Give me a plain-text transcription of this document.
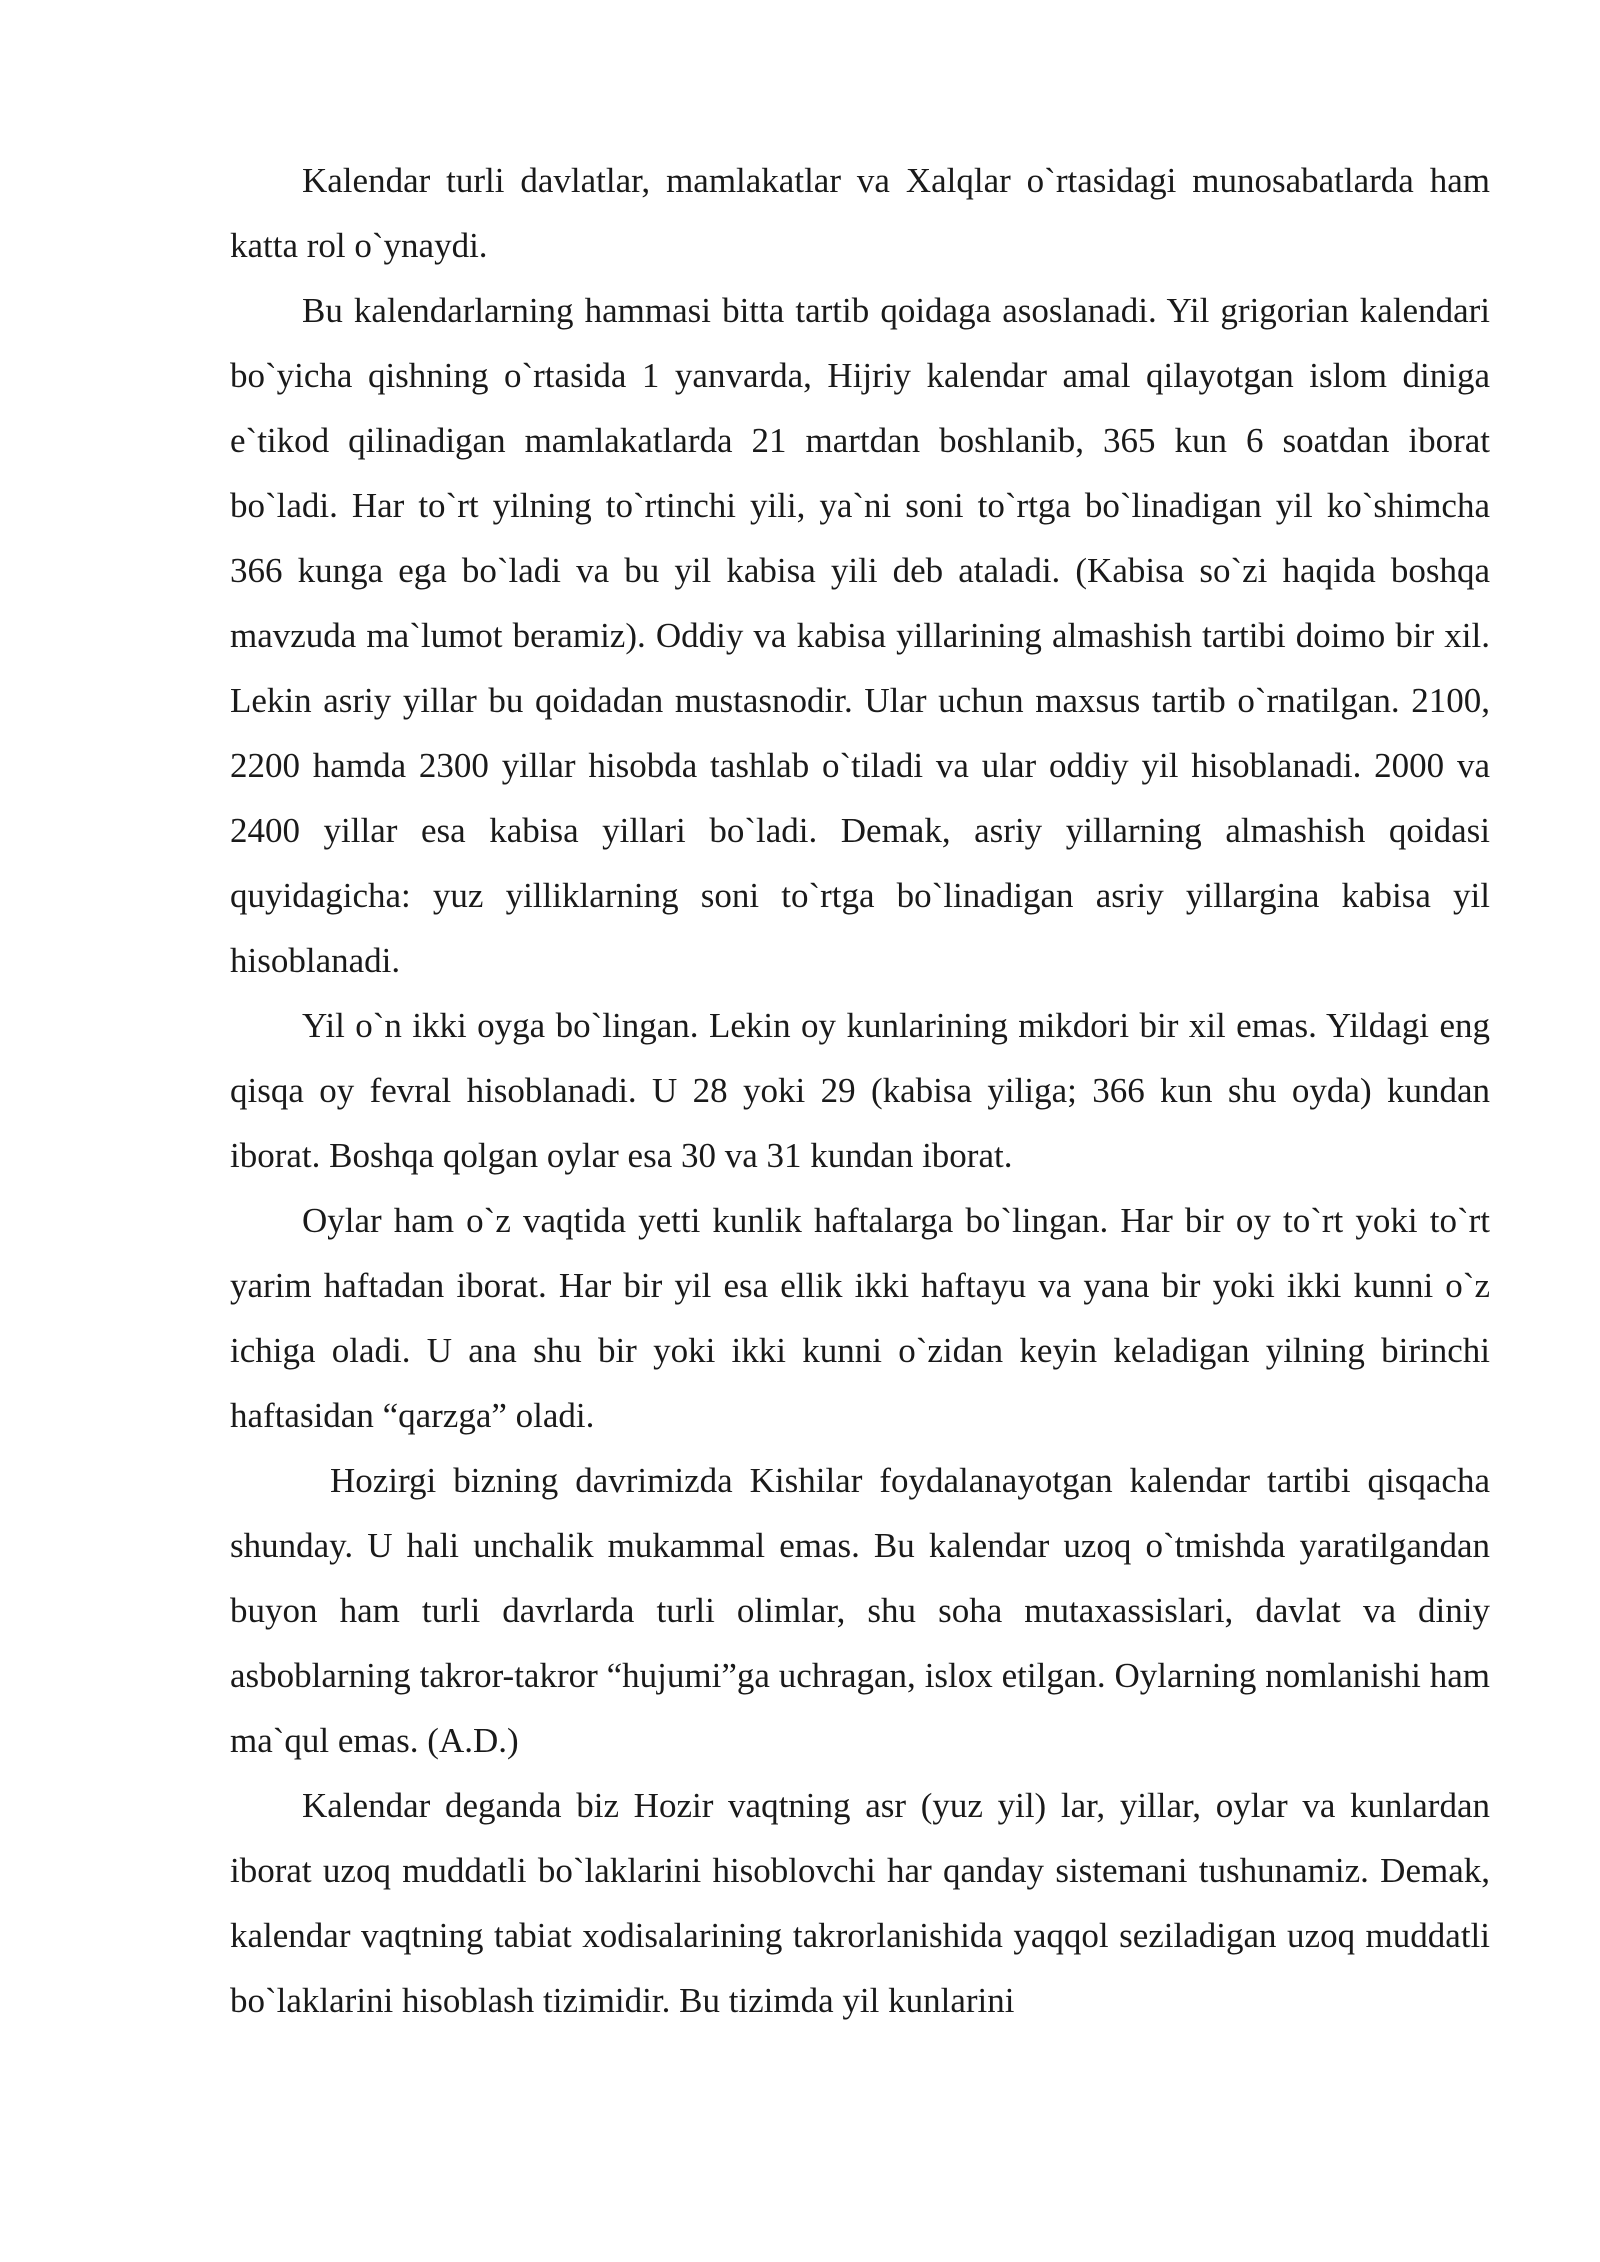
Kalendar turli davlatlar, mamlakatlar va Xalqlar o`rtasidagi munosabatlarda ham katta rol o`ynaydi.

Bu kalendarlarning hammasi bitta tartib qoidaga asoslanadi. Yil grigorian kalendari bo`yicha qishning o`rtasida 1 yanvarda, Hijriy kalendar amal qilayotgan islom diniga e`tikod qilinadigan mamlakatlarda 21 martdan boshlanib, 365 kun 6 soatdan iborat bo`ladi. Har to`rt yilning to`rtinchi yili, ya`ni soni to`rtga bo`linadigan yil ko`shimcha 366 kunga ega bo`ladi va bu yil kabisa yili deb ataladi. (Kabisa so`zi haqida boshqa mavzuda ma`lumot beramiz). Oddiy va kabisa yillarining almashish tartibi doimo bir xil. Lekin asriy yillar bu qoidadan mustasnodir. Ular uchun maxsus tartib o`rnatilgan. 2100, 2200 hamda 2300 yillar hisobda tashlab o`tiladi va ular oddiy yil hisoblanadi. 2000 va 2400 yillar esa kabisa yillari bo`ladi. Demak, asriy yillarning almashish qoidasi quyidagicha: yuz yilliklarning soni to`rtga bo`linadigan asriy yillargina kabisa yil hisoblanadi.

Yil o`n ikki oyga bo`lingan. Lekin oy kunlarining mikdori bir xil emas. Yildagi eng qisqa oy fevral hisoblanadi. U 28 yoki 29 (kabisa yiliga; 366 kun shu oyda) kundan iborat. Boshqa qolgan oylar esa 30 va 31 kundan iborat.

Oylar ham o`z vaqtida yetti kunlik haftalarga bo`lingan. Har bir oy to`rt yoki to`rt yarim haftadan iborat. Har bir yil esa ellik ikki haftayu va yana bir yoki ikki kunni o`z ichiga oladi. U ana shu bir yoki ikki kunni o`zidan keyin keladigan yilning birinchi haftasidan “qarzga” oladi.

Hozirgi bizning davrimizda Kishilar foydalanayotgan kalendar tartibi qisqacha shunday. U hali unchalik mukammal emas. Bu kalendar uzoq o`tmishda yaratilgandan buyon ham turli davrlarda turli olimlar, shu soha mutaxassislari, davlat va diniy asboblarning takror-takror “hujumi”ga uchragan, islox etilgan. Oylarning nomlanishi ham ma`qul emas. (A.D.)

Kalendar deganda biz Hozir vaqtning asr (yuz yil) lar, yillar, oylar va kunlardan iborat uzoq muddatli bo`laklarini hisoblovchi har qanday sistemani tushunamiz. Demak, kalendar vaqtning tabiat xodisalarining takrorlanishida yaqqol seziladigan uzoq muddatli bo`laklarini hisoblash tizimidir. Bu tizimda yil kunlarini
